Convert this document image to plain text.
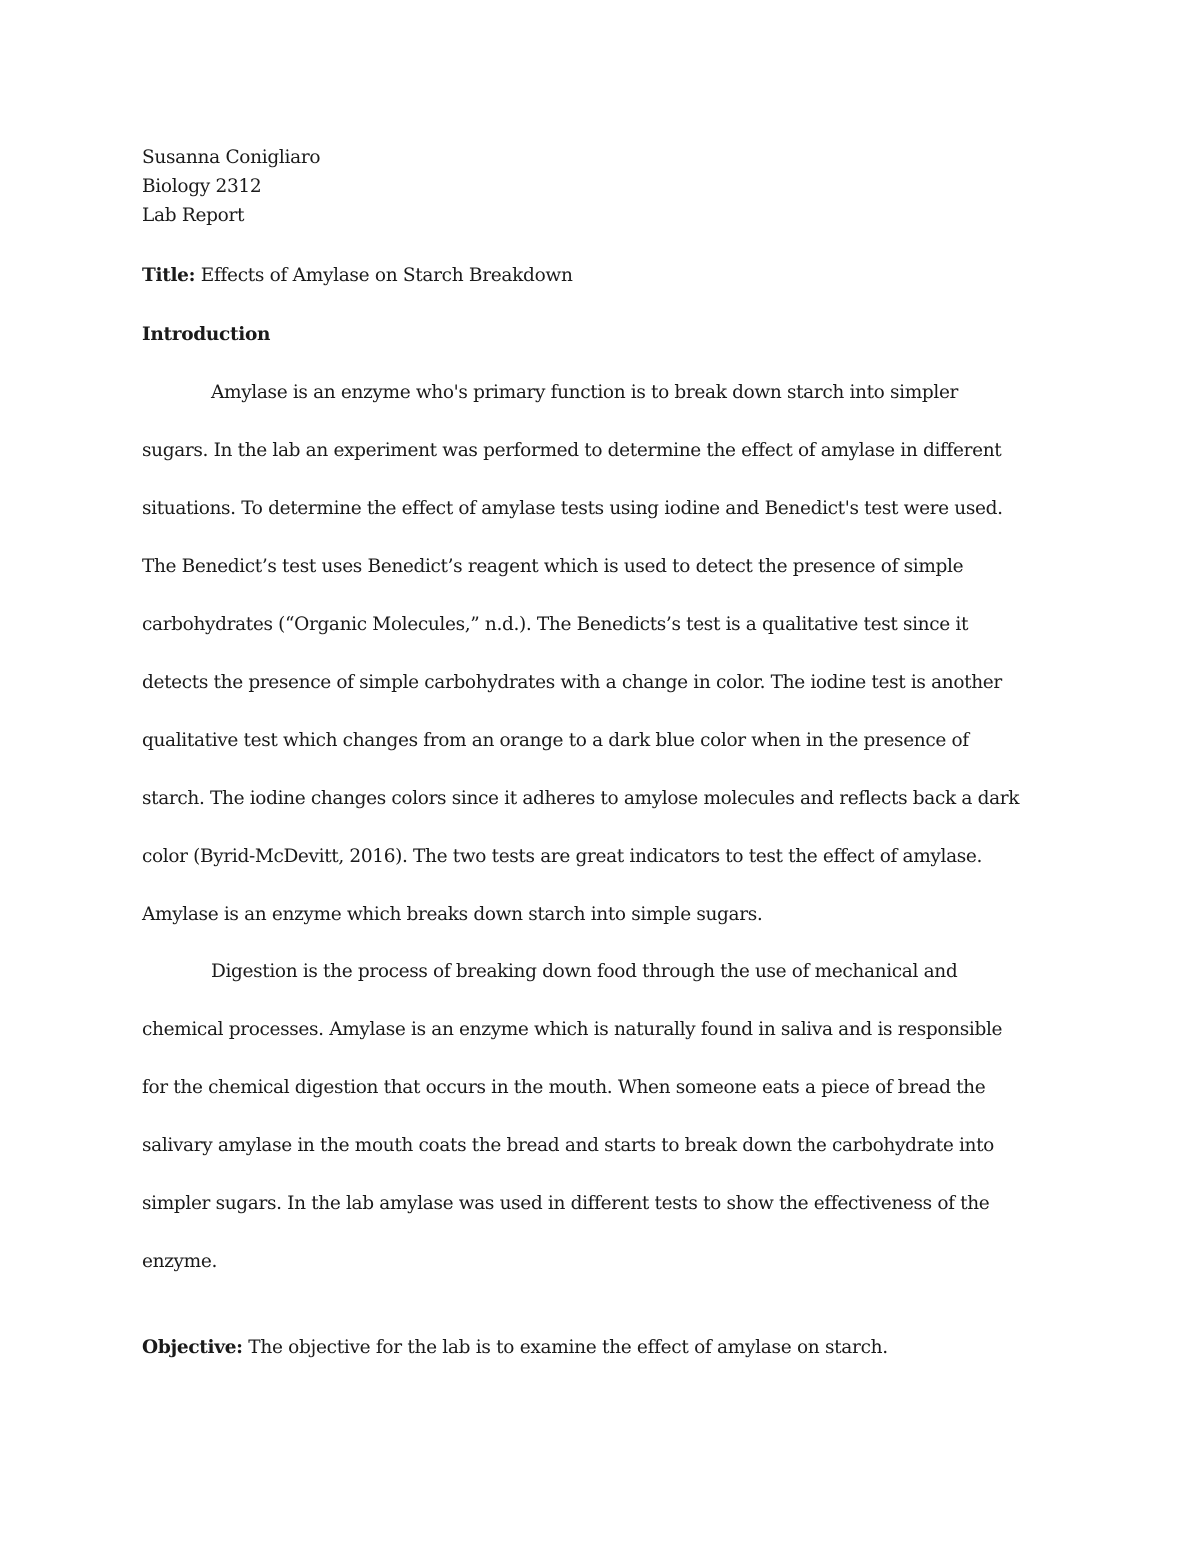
Susanna Conigliaro
Biology 2312
Lab Report
Title: Effects of Amylase on Starch Breakdown
Introduction
Amylase is an enzyme who's primary function is to break down starch into simpler
sugars. In the lab an experiment was performed to determine the effect of amylase in different
situations. To determine the effect of amylase tests using iodine and Benedict's test were used.
The Benedict’s test uses Benedict’s reagent which is used to detect the presence of simple
carbohydrates (“Organic Molecules,” n.d.). The Benedicts’s test is a qualitative test since it
detects the presence of simple carbohydrates with a change in color. The iodine test is another
qualitative test which changes from an orange to a dark blue color when in the presence of
starch. The iodine changes colors since it adheres to amylose molecules and reflects back a dark
color (Byrid-McDevitt, 2016). The two tests are great indicators to test the effect of amylase.
Amylase is an enzyme which breaks down starch into simple sugars.
Digestion is the process of breaking down food through the use of mechanical and
chemical processes. Amylase is an enzyme which is naturally found in saliva and is responsible
for the chemical digestion that occurs in the mouth. When someone eats a piece of bread the
salivary amylase in the mouth coats the bread and starts to break down the carbohydrate into
simpler sugars. In the lab amylase was used in different tests to show the effectiveness of the
enzyme.
Objective: The objective for the lab is to examine the effect of amylase on starch.
